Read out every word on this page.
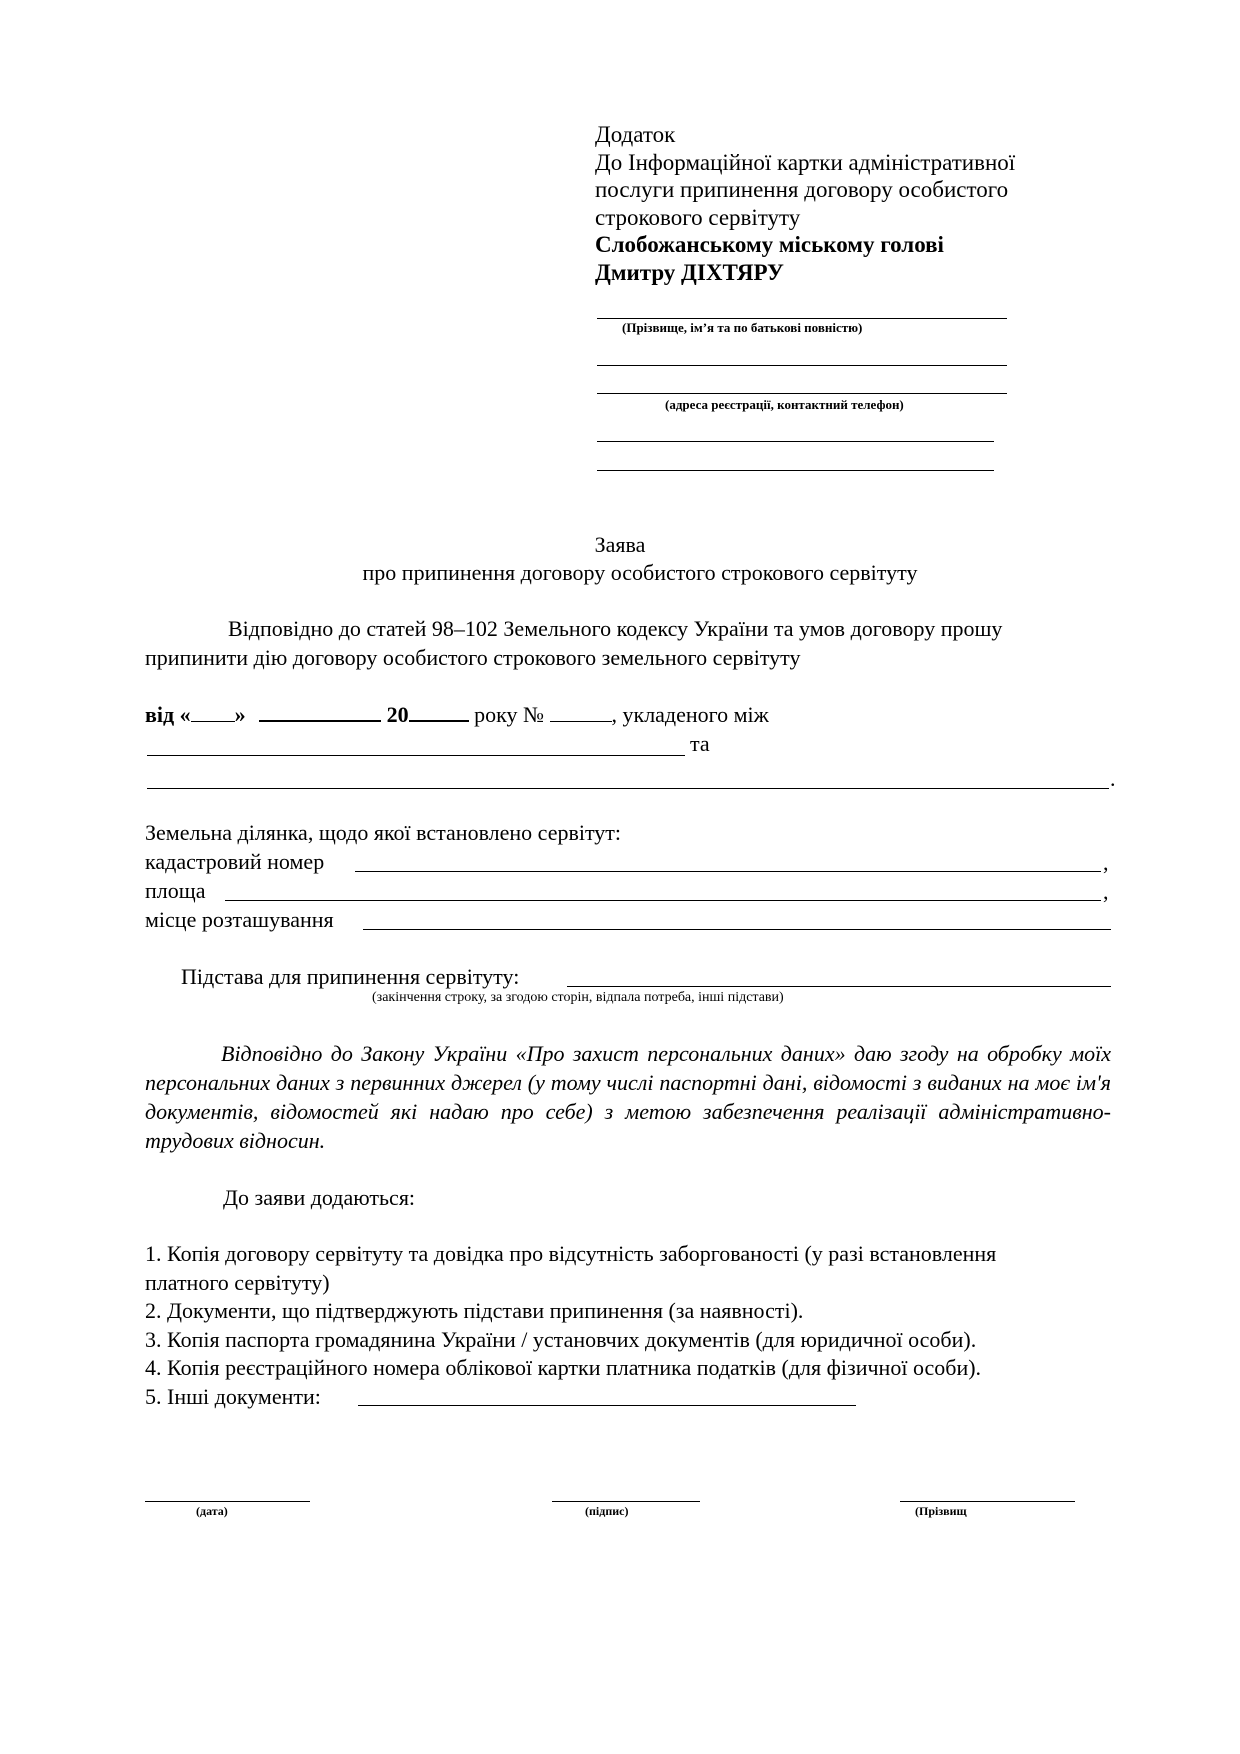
Додаток
До Інформаційної картки адміністративної
послуги припинення договору особистого
строкового сервітуту
Слобожанському міському голові
Дмитру ДІХТЯРУ
(Прізвище, ім’я та по батькові повністю)
(адреса реєстрації, контактний телефон)
Заява
про припинення договору особистого строкового сервітуту
Відповідно до статей 98–102 Земельного кодексу України та умов договору прошу
припинити дію договору особистого строкового земельного сервітуту
від « »	20	року №	, укладеного між
та
.
Земельна ділянка, щодо якої встановлено сервітут:
кадастровий номер	,
площа	,
місце розташування
Підстава для припинення сервітуту:
(закінчення строку, за згодою сторін, відпала потреба, інші підстави)
Відповідно до Закону України «Про захист персональних даних» даю згоду на обробку моїх персональних даних з первинних джерел (у тому числі паспортні дані, відомості з виданих на моє ім'я документів, відомостей які надаю про себе) з метою забезпечення реалізації адміністративно-трудових відносин.
До заяви додаються:
1. Копія договору сервітуту та довідка про відсутність заборгованості (у разі встановлення
платного сервітуту)
2. Документи, що підтверджують підстави припинення (за наявності).
3. Копія паспорта громадянина України / установчих документів (для юридичної особи).
4. Копія реєстраційного номера облікової картки платника податків (для фізичної особи).
5. Інші документи:
(дата)	(підпис)	(Прізвищ
